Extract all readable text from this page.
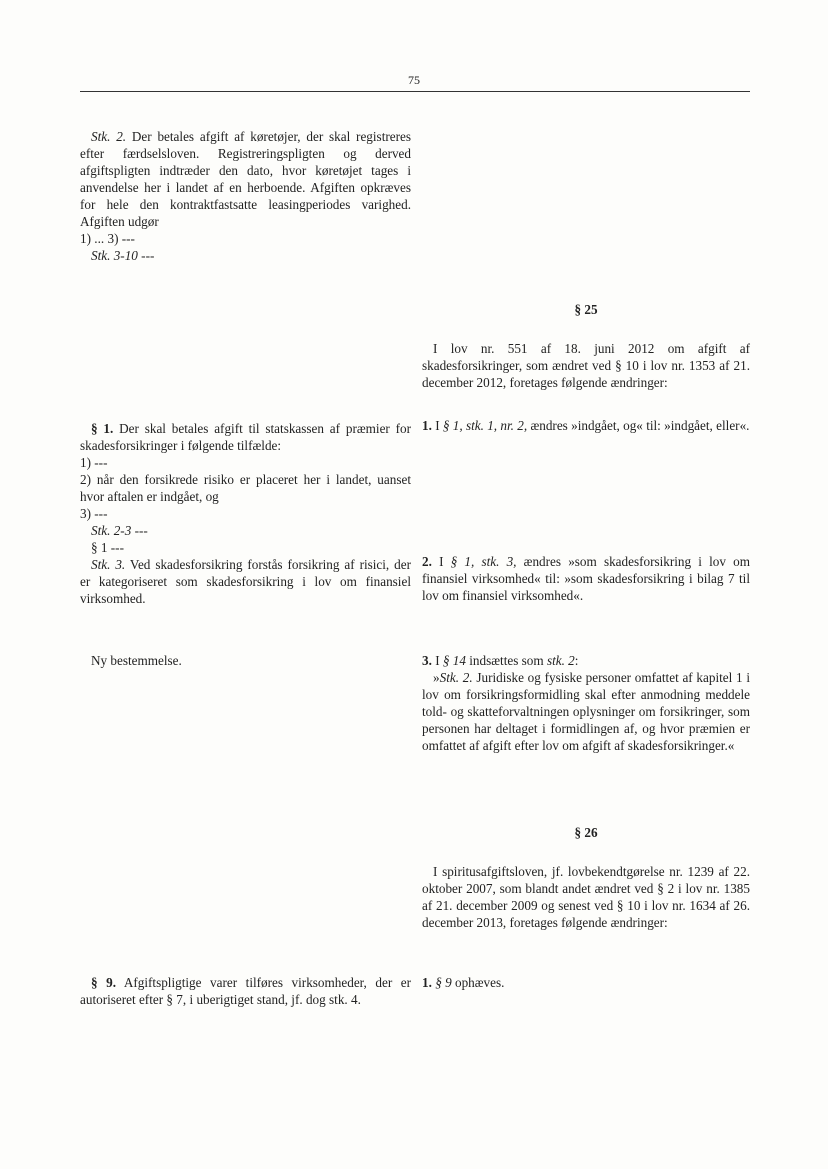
75

Stk. 2. Der betales afgift af køretøjer, der skal registreres efter færdselsloven. Registreringspligten og derved afgiftspligten indtræder den dato, hvor køretøjet tages i anvendelse her i landet af en herboende. Afgiften opkræves for hele den kontraktfastsatte leasingperiodes varighed. Afgiften udgør

1) ... 3) ---

Stk. 3-10 ---

§ 1. Der skal betales afgift til statskassen af præmier for skadesforsikringer i følgende tilfælde:

1) ---

2) når den forsikrede risiko er placeret her i landet, uanset hvor aftalen er indgået, og

3) ---

Stk. 2-3 ---

§ 1 ---

Stk. 3. Ved skadesforsikring forstås forsikring af risici, der er kategoriseret som skadesforsikring i lov om finansiel virksomhed.

Ny bestemmelse.

§ 9. Afgiftspligtige varer tilføres virksomheder, der er autoriseret efter § 7, i uberigtiget stand, jf. dog stk. 4.

§ 25

I lov nr. 551 af 18. juni 2012 om afgift af skadesforsikringer, som ændret ved § 10 i lov nr. 1353 af 21. december 2012, foretages følgende ændringer:

1. I § 1, stk. 1, nr. 2, ændres »indgået, og« til: »indgået, eller«.

2. I § 1, stk. 3, ændres »som skadesforsikring i lov om finansiel virksomhed« til: »som skadesforsikring i bilag 7 til lov om finansiel virksomhed«.

3. I § 14 indsættes som stk. 2:

»Stk. 2. Juridiske og fysiske personer omfattet af kapitel 1 i lov om forsikringsformidling skal efter anmodning meddele told- og skatteforvaltningen oplysninger om forsikringer, som personen har deltaget i formidlingen af, og hvor præmien er omfattet af afgift efter lov om afgift af skadesforsikringer.«

§ 26

I spiritusafgiftsloven, jf. lovbekendtgørelse nr. 1239 af 22. oktober 2007, som blandt andet ændret ved § 2 i lov nr. 1385 af 21. december 2009 og senest ved § 10 i lov nr. 1634 af 26. december 2013, foretages følgende ændringer:

1. § 9 ophæves.
